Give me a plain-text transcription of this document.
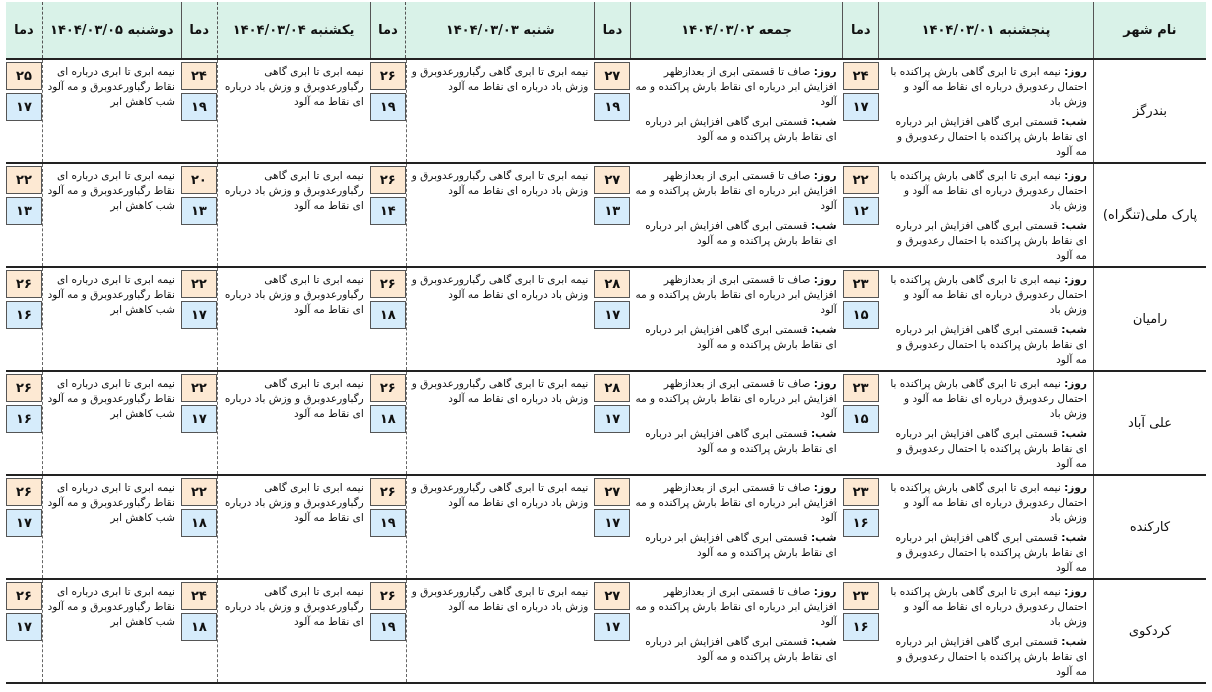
نام شهر
پنجشنبه ۱۴۰۴/۰۳/۰۱
دما
جمعه ۱۴۰۴/۰۳/۰۲
دما
شنبه ۱۴۰۴/۰۳/۰۳
دما
یکشنبه ۱۴۰۴/۰۳/۰۴
دما
دوشنبه ۱۴۰۴/۰۳/۰۵
دما
بندرگز
روز: نیمه ابری تا ابری گاهی بارش پراکنده با احتمال رعدوبرق درباره ای نقاط مه آلود و وزش باد
شب: قسمتی ابری گاهی افزایش ابر درباره ای نقاط بارش پراکنده با احتمال رعدوبرق و مه آلود
۲۴
۱۷
روز: صاف تا قسمتی ابری از بعدازظهر افزایش ابر درباره ای نقاط بارش پراکنده و مه آلود
شب: قسمتی ابری گاهی افزایش ابر درباره ای نقاط بارش پراکنده و مه آلود
۲۷
۱۹
نیمه ابری تا ابری گاهی رگبارورعدوبرق و وزش باد درباره ای نقاط مه آلود
۲۶
۱۹
نیمه ابری تا ابری گاهی رگباورعدوبرق و وزش باد درباره ای نقاط مه آلود
۲۴
۱۹
نیمه ابری تا ابری درباره ای نقاط رگباورعدوبرق و مه آلود شب کاهش ابر
۲۵
۱۷
پارک ملی(تنگراه)
روز: نیمه ابری تا ابری گاهی بارش پراکنده با احتمال رعدوبرق درباره ای نقاط مه آلود و وزش باد
شب: قسمتی ابری گاهی افزایش ابر درباره ای نقاط بارش پراکنده با احتمال رعدوبرق و مه آلود
۲۲
۱۲
روز: صاف تا قسمتی ابری از بعدازظهر افزایش ابر درباره ای نقاط بارش پراکنده و مه آلود
شب: قسمتی ابری گاهی افزایش ابر درباره ای نقاط بارش پراکنده و مه آلود
۲۷
۱۳
نیمه ابری تا ابری گاهی رگبارورعدوبرق و وزش باد درباره ای نقاط مه آلود
۲۶
۱۴
نیمه ابری تا ابری گاهی رگباورعدوبرق و وزش باد درباره ای نقاط مه آلود
۲۰
۱۳
نیمه ابری تا ابری درباره ای نقاط رگباورعدوبرق و مه آلود شب کاهش ابر
۲۲
۱۳
رامیان
روز: نیمه ابری تا ابری گاهی بارش پراکنده با احتمال رعدوبرق درباره ای نقاط مه آلود و وزش باد
شب: قسمتی ابری گاهی افزایش ابر درباره ای نقاط بارش پراکنده با احتمال رعدوبرق و مه آلود
۲۳
۱۵
روز: صاف تا قسمتی ابری از بعدازظهر افزایش ابر درباره ای نقاط بارش پراکنده و مه آلود
شب: قسمتی ابری گاهی افزایش ابر درباره ای نقاط بارش پراکنده و مه آلود
۲۸
۱۷
نیمه ابری تا ابری گاهی رگبارورعدوبرق و وزش باد درباره ای نقاط مه آلود
۲۶
۱۸
نیمه ابری تا ابری گاهی رگباورعدوبرق و وزش باد درباره ای نقاط مه آلود
۲۲
۱۷
نیمه ابری تا ابری درباره ای نقاط رگباورعدوبرق و مه آلود شب کاهش ابر
۲۶
۱۶
علی آباد
روز: نیمه ابری تا ابری گاهی بارش پراکنده با احتمال رعدوبرق درباره ای نقاط مه آلود و وزش باد
شب: قسمتی ابری گاهی افزایش ابر درباره ای نقاط بارش پراکنده با احتمال رعدوبرق و مه آلود
۲۳
۱۵
روز: صاف تا قسمتی ابری از بعدازظهر افزایش ابر درباره ای نقاط بارش پراکنده و مه آلود
شب: قسمتی ابری گاهی افزایش ابر درباره ای نقاط بارش پراکنده و مه آلود
۲۸
۱۷
نیمه ابری تا ابری گاهی رگبارورعدوبرق و وزش باد درباره ای نقاط مه آلود
۲۶
۱۸
نیمه ابری تا ابری گاهی رگباورعدوبرق و وزش باد درباره ای نقاط مه آلود
۲۲
۱۷
نیمه ابری تا ابری درباره ای نقاط رگباورعدوبرق و مه آلود شب کاهش ابر
۲۶
۱۶
کارکنده
روز: نیمه ابری تا ابری گاهی بارش پراکنده با احتمال رعدوبرق درباره ای نقاط مه آلود و وزش باد
شب: قسمتی ابری گاهی افزایش ابر درباره ای نقاط بارش پراکنده با احتمال رعدوبرق و مه آلود
۲۳
۱۶
روز: صاف تا قسمتی ابری از بعدازظهر افزایش ابر درباره ای نقاط بارش پراکنده و مه آلود
شب: قسمتی ابری گاهی افزایش ابر درباره ای نقاط بارش پراکنده و مه آلود
۲۷
۱۷
نیمه ابری تا ابری گاهی رگبارورعدوبرق و وزش باد درباره ای نقاط مه آلود
۲۶
۱۹
نیمه ابری تا ابری گاهی رگباورعدوبرق و وزش باد درباره ای نقاط مه آلود
۲۲
۱۸
نیمه ابری تا ابری درباره ای نقاط رگباورعدوبرق و مه آلود شب کاهش ابر
۲۶
۱۷
کردکوی
روز: نیمه ابری تا ابری گاهی بارش پراکنده با احتمال رعدوبرق درباره ای نقاط مه آلود و وزش باد
شب: قسمتی ابری گاهی افزایش ابر درباره ای نقاط بارش پراکنده با احتمال رعدوبرق و مه آلود
۲۳
۱۶
روز: صاف تا قسمتی ابری از بعدازظهر افزایش ابر درباره ای نقاط بارش پراکنده و مه آلود
شب: قسمتی ابری گاهی افزایش ابر درباره ای نقاط بارش پراکنده و مه آلود
۲۷
۱۷
نیمه ابری تا ابری گاهی رگبارورعدوبرق و وزش باد درباره ای نقاط مه آلود
۲۶
۱۹
نیمه ابری تا ابری گاهی رگباورعدوبرق و وزش باد درباره ای نقاط مه آلود
۲۴
۱۸
نیمه ابری تا ابری درباره ای نقاط رگباورعدوبرق و مه آلود شب کاهش ابر
۲۶
۱۷
